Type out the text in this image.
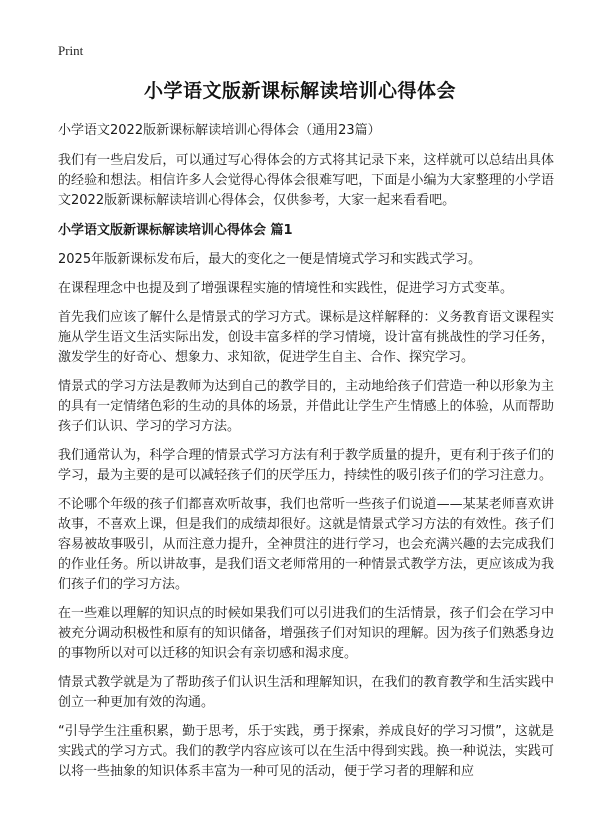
Print
小学语文版新课标解读培训心得体会

小学语文2022版新课标解读培训心得体会（通用23篇）

我们有一些启发后，可以通过写心得体会的方式将其记录下来，这样就可以总结出具体的经验和想法。相信许多人会觉得心得体会很难写吧，下面是小编为大家整理的小学语文2022版新课标解读培训心得体会，仅供参考，大家一起来看看吧。

小学语文版新课标解读培训心得体会 篇1

2025年版新课标发布后，最大的变化之一便是情境式学习和实践式学习。

在课程理念中也提及到了增强课程实施的情境性和实践性，促进学习方式变革。

首先我们应该了解什么是情景式的学习方式。课标是这样解释的：义务教育语文课程实施从学生语文生活实际出发，创设丰富多样的学习情境，设计富有挑战性的学习任务，激发学生的好奇心、想象力、求知欲，促进学生自主、合作、探究学习。

情景式的学习方法是教师为达到自己的教学目的，主动地给孩子们营造一种以形象为主的具有一定情绪色彩的生动的具体的场景，并借此让学生产生情感上的体验，从而帮助孩子们认识、学习的学习方法。

我们通常认为，科学合理的情景式学习方法有利于教学质量的提升，更有利于孩子们的学习，最为主要的是可以减轻孩子们的厌学压力，持续性的吸引孩子们的学习注意力。

不论哪个年级的孩子们都喜欢听故事，我们也常听一些孩子们说道——某某老师喜欢讲故事，不喜欢上课，但是我们的成绩却很好。这就是情景式学习方法的有效性。孩子们容易被故事吸引，从而注意力提升，全神贯注的进行学习，也会充满兴趣的去完成我们的作业任务。所以讲故事，是我们语文老师常用的一种情景式教学方法，更应该成为我们孩子们的学习方法。

在一些难以理解的知识点的时候如果我们可以引进我们的生活情景，孩子们会在学习中被充分调动积极性和原有的知识储备，增强孩子们对知识的理解。因为孩子们熟悉身边的事物所以对可以迁移的知识会有亲切感和渴求度。

情景式教学就是为了帮助孩子们认识生活和理解知识，在我们的教育教学和生活实践中创立一种更加有效的沟通。

“引导学生注重积累，勤于思考，乐于实践，勇于探索，养成良好的学习习惯”，这就是实践式的学习方式。我们的教学内容应该可以在生活中得到实践。换一种说法，实践可以将一些抽象的知识体系丰富为一种可见的活动，便于学习者的理解和应
